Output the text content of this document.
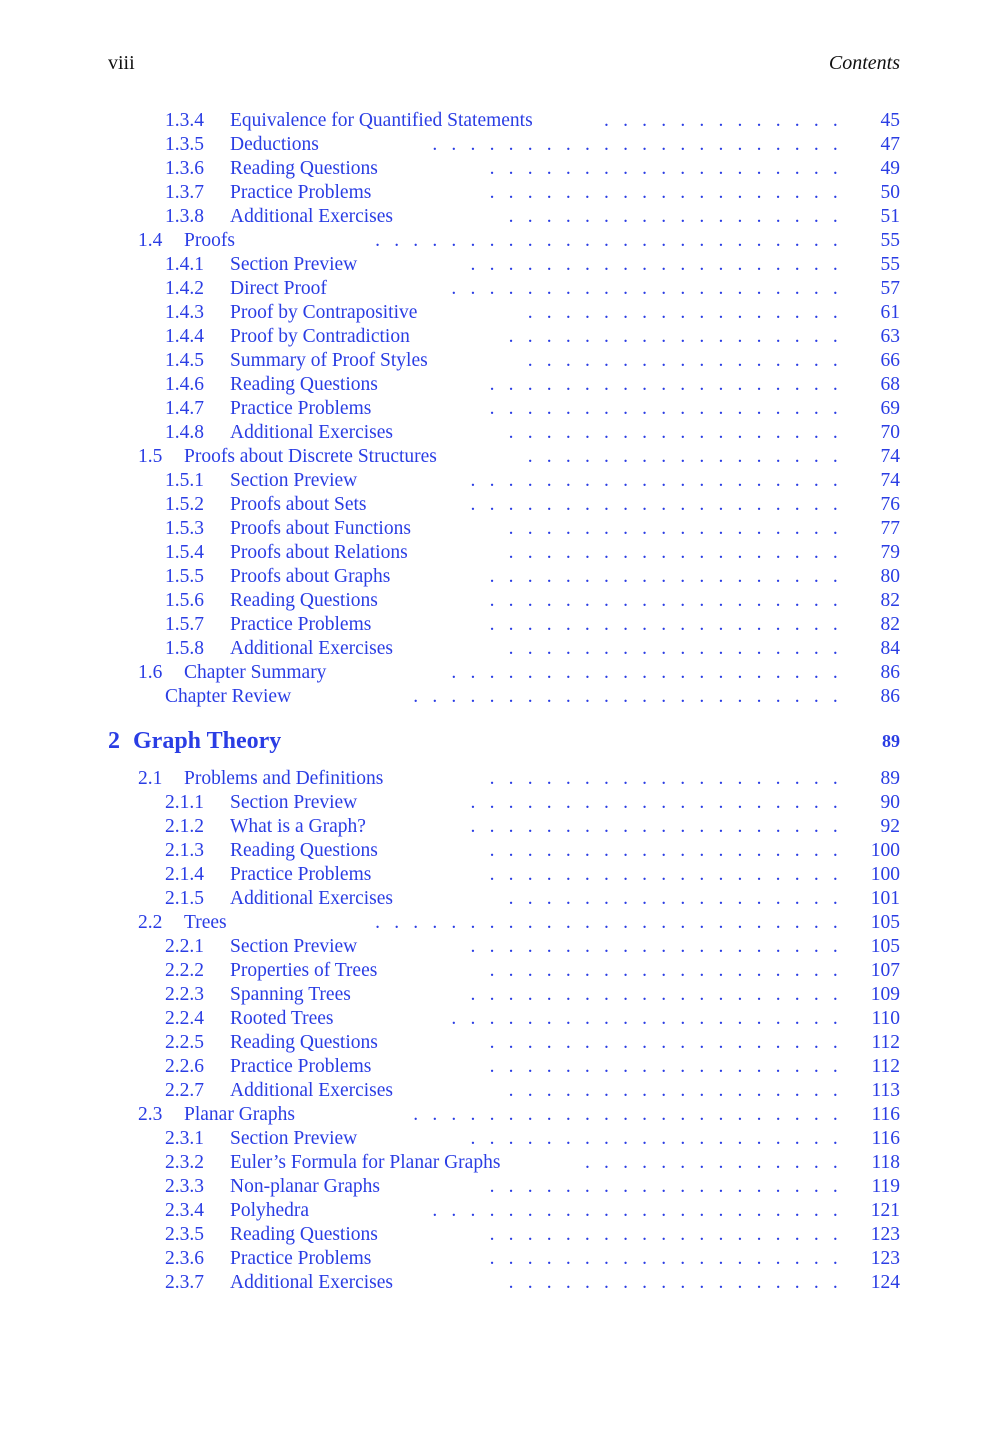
viii	Contents
1.3.4 Equivalence for Quantified Statements	............. 45
1.3.5 Deductions	...................... 47
1.3.6 Reading Questions	................... 49
1.3.7 Practice Problems	................... 50
1.3.8 Additional Exercises	.................. 51
1.4 Proofs	......................... 55
1.4.1 Section Preview	.................... 55
1.4.2 Direct Proof	..................... 57
1.4.3 Proof by Contrapositive	................. 61
1.4.4 Proof by Contradiction	.................. 63
1.4.5 Summary of Proof Styles	................. 66
1.4.6 Reading Questions	................... 68
1.4.7 Practice Problems	................... 69
1.4.8 Additional Exercises	.................. 70
1.5 Proofs about Discrete Structures	................. 74
1.5.1 Section Preview	.................... 74
1.5.2 Proofs about Sets	.................... 76
1.5.3 Proofs about Functions	.................. 77
1.5.4 Proofs about Relations	.................. 79
1.5.5 Proofs about Graphs	................... 80
1.5.6 Reading Questions	................... 82
1.5.7 Practice Problems	................... 82
1.5.8 Additional Exercises	.................. 84
1.6 Chapter Summary	..................... 86
Chapter Review	....................... 86
2 Graph Theory	89
2.1 Problems and Definitions	................... 89
2.1.1 Section Preview	.................... 90
2.1.2 What is a Graph?	.................... 92
2.1.3 Reading Questions	................... 100
2.1.4 Practice Problems	................... 100
2.1.5 Additional Exercises	.................. 101
2.2 Trees	......................... 105
2.2.1 Section Preview	.................... 105
2.2.2 Properties of Trees	................... 107
2.2.3 Spanning Trees	.................... 109
2.2.4 Rooted Trees	..................... 110
2.2.5 Reading Questions	................... 112
2.2.6 Practice Problems	................... 112
2.2.7 Additional Exercises	.................. 113
2.3 Planar Graphs	....................... 116
2.3.1 Section Preview	.................... 116
2.3.2 Euler’s Formula for Planar Graphs	.............. 118
2.3.3 Non-planar Graphs	................... 119
2.3.4 Polyhedra	...................... 121
2.3.5 Reading Questions	................... 123
2.3.6 Practice Problems	................... 123
2.3.7 Additional Exercises	.................. 124
